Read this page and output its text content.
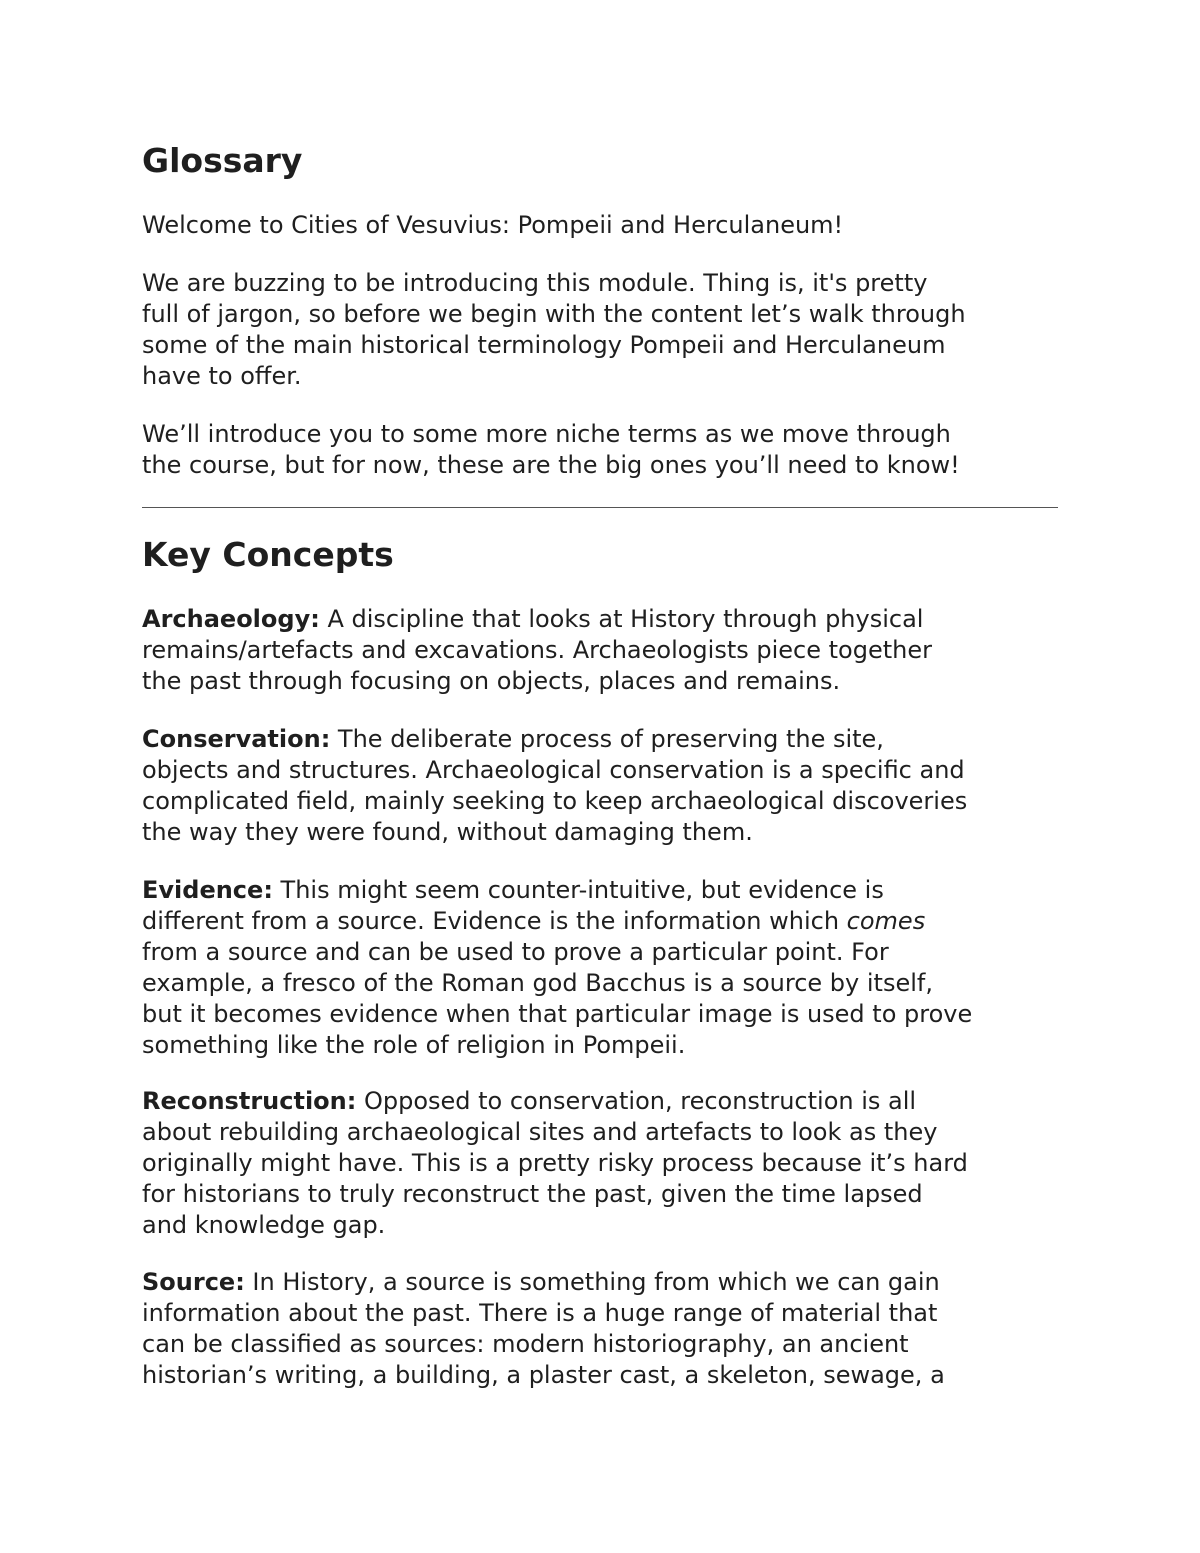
Glossary

Welcome to Cities of Vesuvius: Pompeii and Herculaneum!

We are buzzing to be introducing this module. Thing is, it's pretty
full of jargon, so before we begin with the content let’s walk through
some of the main historical terminology Pompeii and Herculaneum
have to offer.

We’ll introduce you to some more niche terms as we move through
the course, but for now, these are the big ones you’ll need to know!

Key Concepts

Archaeology: A discipline that looks at History through physical
remains/artefacts and excavations. Archaeologists piece together
the past through focusing on objects, places and remains.

Conservation: The deliberate process of preserving the site,
objects and structures. Archaeological conservation is a specific and
complicated field, mainly seeking to keep archaeological discoveries
the way they were found, without damaging them.

Evidence: This might seem counter-intuitive, but evidence is
different from a source. Evidence is the information which comes
from a source and can be used to prove a particular point. For
example, a fresco of the Roman god Bacchus is a source by itself,
but it becomes evidence when that particular image is used to prove
something like the role of religion in Pompeii.

Reconstruction: Opposed to conservation, reconstruction is all
about rebuilding archaeological sites and artefacts to look as they
originally might have. This is a pretty risky process because it’s hard
for historians to truly reconstruct the past, given the time lapsed
and knowledge gap.

Source: In History, a source is something from which we can gain
information about the past. There is a huge range of material that
can be classified as sources: modern historiography, an ancient
historian’s writing, a building, a plaster cast, a skeleton, sewage, a
